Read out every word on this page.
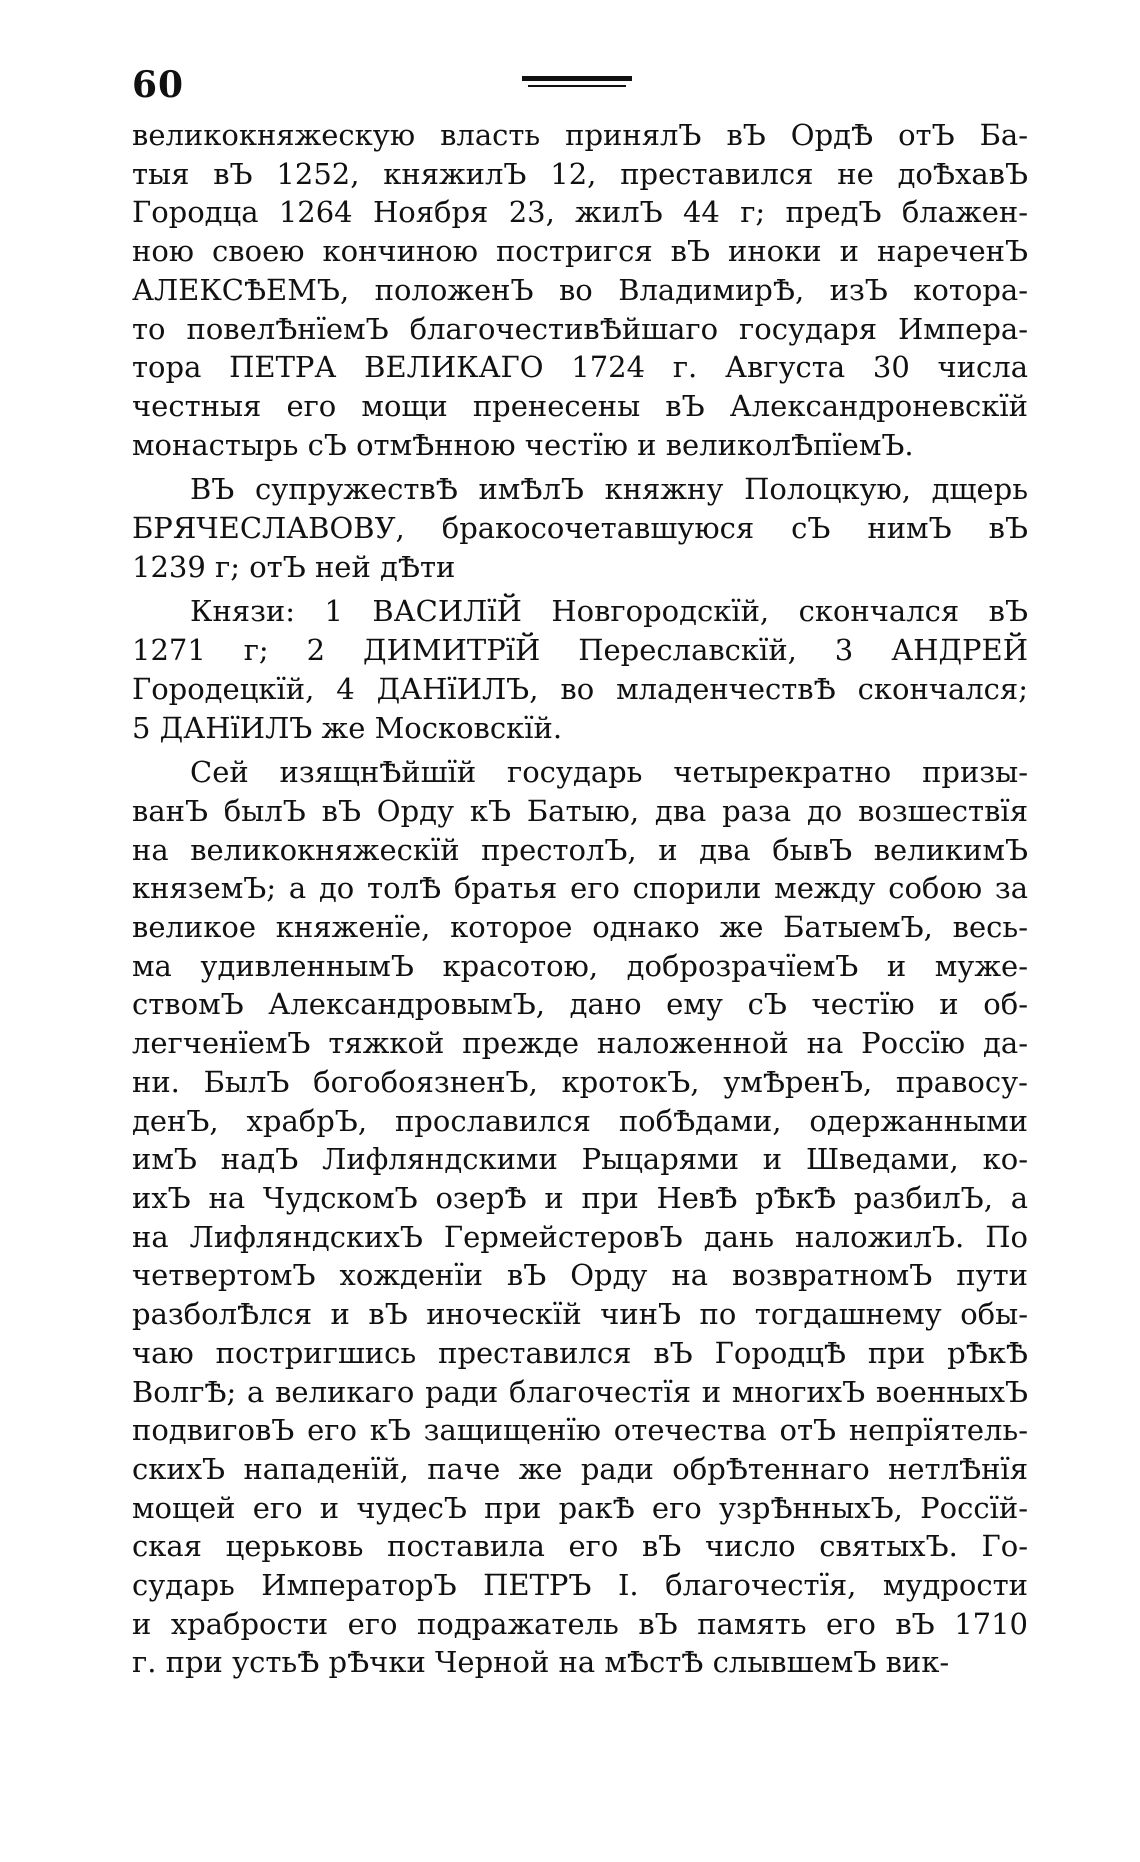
60
великокняжескую власть принялЪ вЪ ОрдѢ отЪ Ба-
тыя вЪ 1252, княжилЪ 12, преставился не доѢхавЪ
Городца 1264 Ноября 23, жилЪ 44 г; предЪ блажен-
ною своею кончиною постригся вЪ иноки и нареченЪ
АЛЕКСѢЕМЪ, положенЪ во ВладимирѢ, изЪ котора-
то повелѢнїемЪ благочестивѢйшаго государя Импера-
тора ПЕТРА ВЕЛИКАГО 1724 г. Августа 30 числа
честныя его мощи пренесены вЪ Александроневскїй
монастырь сЪ отмѢнною честїю и великолѢпїемЪ.
ВЪ супружествѢ имѢлЪ княжну Полоцкую, дщерь
БРЯЧЕСЛАВОВУ, бракосочетавшуюся сЪ нимЪ вЪ
1239 г; отЪ ней дѢти
Князи: 1 ВАСИЛїЙ Новгородскїй, скончался вЪ
1271 г; 2 ДИМИТРїЙ Переславскїй, 3 АНДРЕЙ
Городецкїй, 4 ДАНїИЛЪ, во младенчествѢ скончался;
5 ДАНїИЛЪ же Московскїй.
Сей изящнѢйшїй государь четырекратно призы-
ванЪ былЪ вЪ Орду кЪ Батыю, два раза до возшествїя
на великокняжескїй престолЪ, и два бывЪ великимЪ
княземЪ; а до толѢ братья его спорили между собою за
великое княженїе, которое однако же БатыемЪ, весь-
ма удивленнымЪ красотою, доброзрачїемЪ и муже-
ствомЪ АлександровымЪ, дано ему сЪ честїю и об-
легченїемЪ тяжкой прежде наложенной на Россїю да-
ни. БылЪ богобоязненЪ, кротокЪ, умѢренЪ, правосу-
денЪ, храбрЪ, прославился побѢдами, одержанными
имЪ надЪ Лифляндскими Рыцарями и Шведами, ко-
ихЪ на ЧудскомЪ озерѢ и при НевѢ рѢкѢ разбилЪ, а
на ЛифляндскихЪ ГермейстеровЪ дань наложилЪ. По
четвертомЪ хожденїи вЪ Орду на возвратномЪ пути
разболѢлся и вЪ иноческїй чинЪ по тогдашнему обы-
чаю постригшись преставился вЪ ГородцѢ при рѢкѢ
ВолгѢ; а великаго ради благочестїя и многихЪ военныхЪ
подвиговЪ его кЪ защищенїю отечества отЪ непрїятель-
скихЪ нападенїй, паче же ради обрѢтеннаго нетлѢнїя
мощей его и чудесЪ при ракѢ его узрѢнныхЪ, Россїй-
ская церьковь поставила его вЪ число святыхЪ. Го-
сударь ИмператорЪ ПЕТРЪ I. благочестїя, мудрости
и храбрости его подражатель вЪ память его вЪ 1710
г. при устьѢ рѢчки Черной на мѢстѢ слывшемЪ вик-
